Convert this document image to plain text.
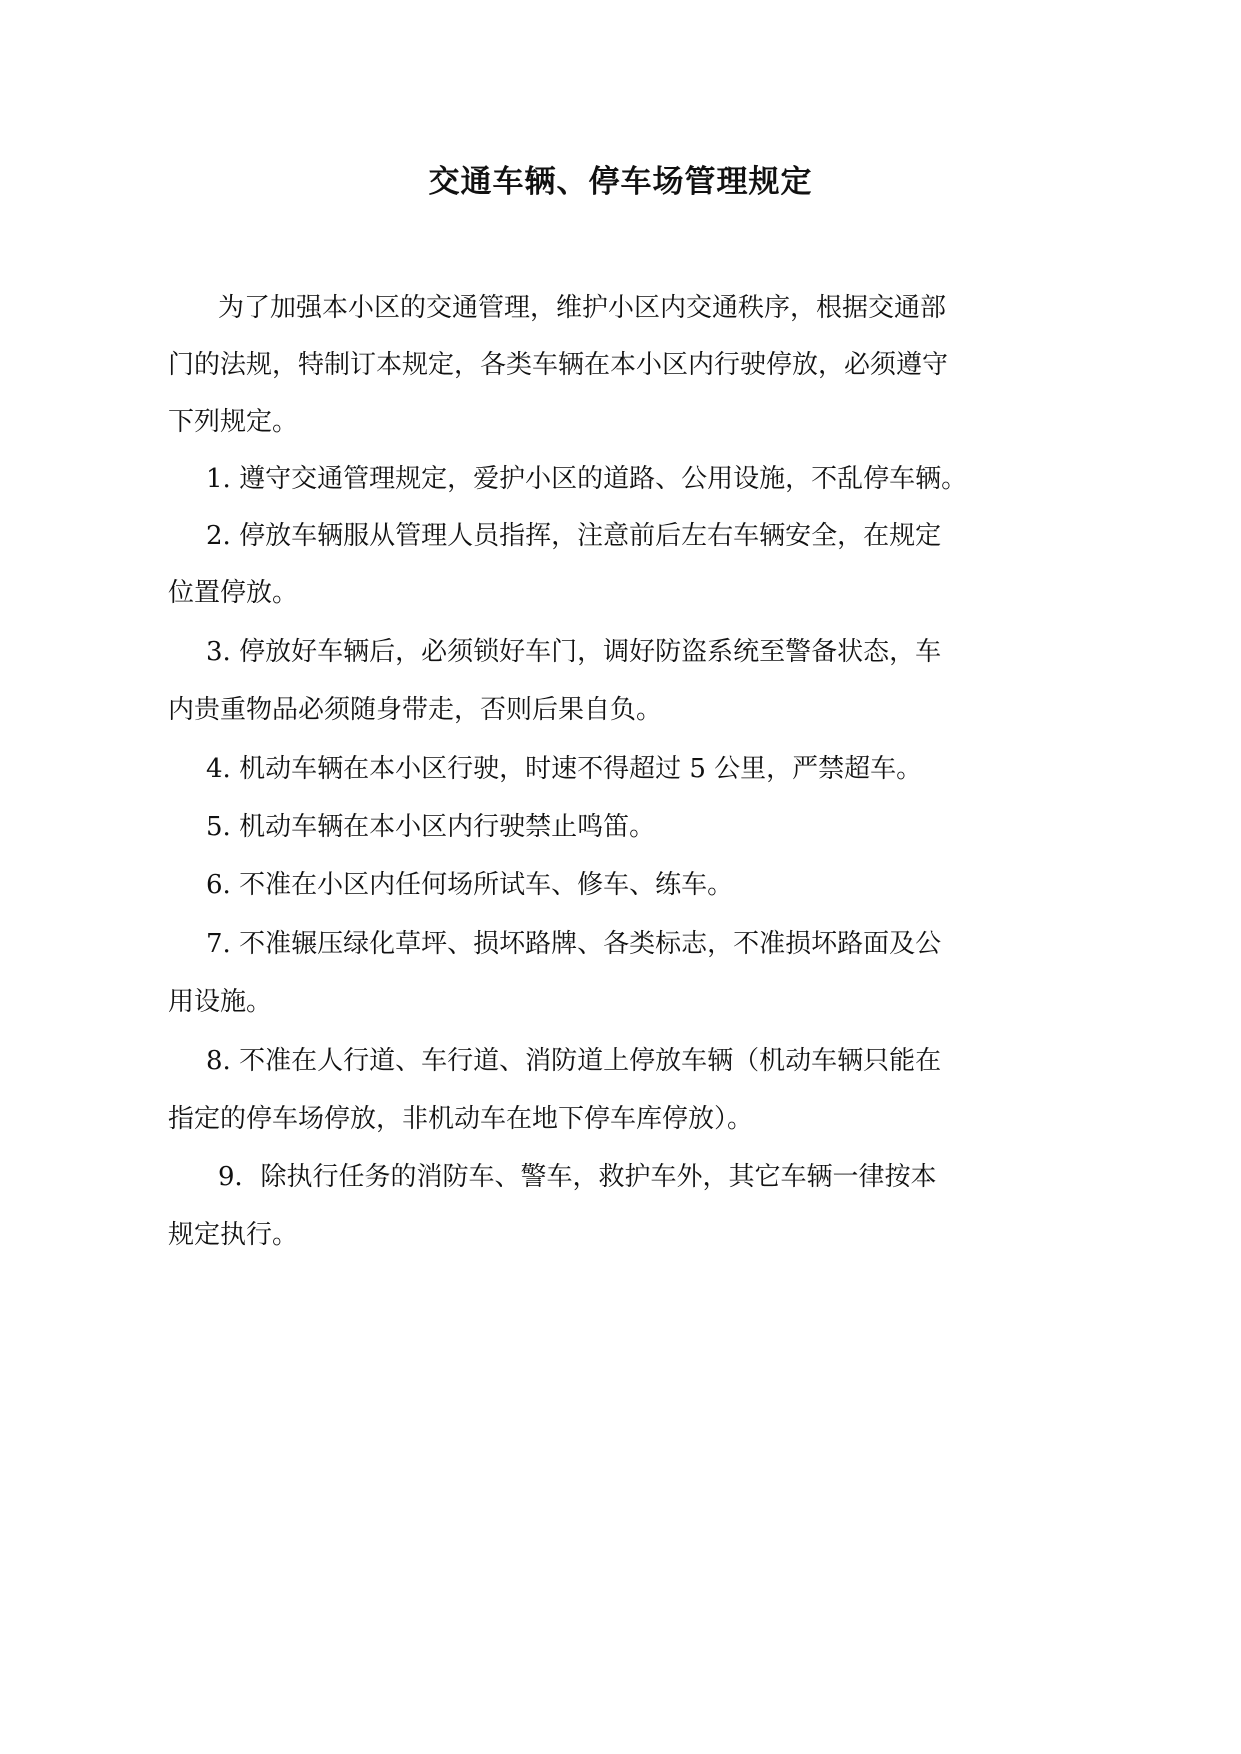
交通车辆、停车场管理规定
为了加强本小区的交通管理，维护小区内交通秩序，根据交通部
门的法规，特制订本规定，各类车辆在本小区内行驶停放，必须遵守
下列规定。
1. 遵守交通管理规定，爱护小区的道路、公用设施，不乱停车辆。
2. 停放车辆服从管理人员指挥，注意前后左右车辆安全，在规定
位置停放。
3. 停放好车辆后，必须锁好车门，调好防盗系统至警备状态，车
内贵重物品必须随身带走，否则后果自负。
4. 机动车辆在本小区行驶，时速不得超过 5 公里，严禁超车。
5. 机动车辆在本小区内行驶禁止鸣笛。
6. 不准在小区内任何场所试车、修车、练车。
7. 不准辗压绿化草坪、损坏路牌、各类标志，不准损坏路面及公
用设施。
8. 不准在人行道、车行道、消防道上停放车辆（机动车辆只能在
指定的停车场停放，非机动车在地下停车库停放）。
9．除执行任务的消防车、警车，救护车外，其它车辆一律按本
规定执行。
